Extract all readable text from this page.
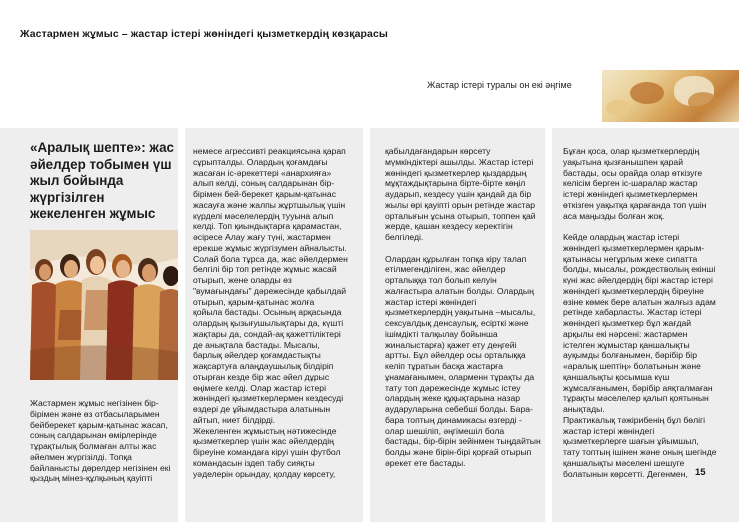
Жастармен жұмыс – жастар істері жөніндегі қызметкердің көзқарасы
Жастар істері туралы он екі әңгіме
«Аралық шепте»: жас әйелдер тобымен үш жыл бойында жүргізілген жекеленген жұмыс
Жастармен жұмыс негізінен бір-
бірімен және өз отбасыларымен
бейберекет қарым-қатынас жасап,
соның салдарынан өмірлерінде
тұрақтылық болмаған алты жас
әйелмен жүргізілді. Топқа
байланысты дөрелдер негізінен екі
қыздың мінез-құлқының қауіпті
немесе агрессивті реакциясына қарап
сұрыпталды. Олардың қоғамдағы
жасаған іс-әрекеттері «анархияға»
алып келді, соның салдарынан бір-
бірімен бей-берекет қарым-қатынас
жасауға және жалпы жұртшылық үшін
күрделі мәселелердің тууына алып
келді. Топ қиындықтарға қарамастан,
әсіресе Алау жағу түні, жастармен
ерекше жұмыс жүргізумен айналысты.
Солай бола тұрса да, жас әйелдермен
белгілі бір топ ретінде жұмыс жасай
отырып, жене оларды өз
"вумағындағы" дәрежесінде қабылдай
отырып, қарым-қатынас жолға
қойыла бастады. Осының арқасында
олардың қызығушылықтары да, күшті
жақтары да, сондай-ақ қажеттіліктері
де анықтала бастады. Мысалы,
барлық әйелдер қоғамдастықты
жақсартуға алаңдаушылық білдіріп
отырған кезде бір жас әйел дұрыс
өңімеге келді. Олар жастар істері
жөніндегі қызметкерлермен кездесуді
өздері де ұйымдастыра алатынын
айтып, ниет білдірді.
Жекеленген жұмыстың нәтижесінде
қызметкерлер үшін жас әйелдердің
біреуіне командаға кіруі үшін футбол
командасын іздеп табу сияқты
уәделерін орындау, қолдау көрсету,
қабылдағандарын көрсету
мүмкіндіктері ашылды. Жастар істері
жөніндегі қызметкерлер қыздардың
мұқтаждықтарына бірте-бірте көңіл
аударып, кездесу үшін қандай да бір
жылы өрі қауіпті орын ретінде жастар
орталығын ұсына отырып, топпен қай
жерде, қашан кездесу керектігін
белгіледі.

Олардан құрылған топқа кіру талап
етілмегенділіген, жас әйелдер
орталыққа тол болып келуін
жалғастыра алатын болды. Олардың
жастар істері жөніндегі
қызметкерлердің уақытына –мысалы,
сексуалдық денсаулық, есірткі және
ішімдікті талқылау бойынша
жиналыстарға) қажет ету деңгейі
артты. Бұл әйелдер осы орталыққа
келіп тұратын басқа жастарға
ұнамағанымен, оларменн тұрақты да
тату топ дәрежесінде жұмыс істеу
олардың жеке құқықтарына назар
аударуларына себебші болды. Бара-
бара топтың динамикасы өзгерді -
олар шешіліп, әңгімешіл бола
бастады, бір-бірін зейінмен тыңдайтын
болды және бірін-бірі қорғай отырып
әрекет ете бастады.
Бұған қоса, олар қызметкерлердің
уақытына қызғанышпен қарай
бастады, осы орайда олар өткізуге
келісім берген іс-шаралар жастар
істері жөніндегі қызметкерлермен
өткізген уақытқа қарағанда топ үшін
аса маңызды болған жоқ.

Кейде олардың жастар істері
жөніндегі қызметкерлермен қарым-
қатынасы негұрлым жеке сипатта
болды, мысалы, рождестволың екінші
күні жас әйелдердің бірі жастар істері
жөніндегі қызметкерлердің біреуіне
өзіне көмек бере алатын жалғыз адам
ретінде хабарласты. Жастар істері
жөніндегі қызметкер бұл жағдай
арқылы екі нәрсені: жастармен
істелген жұмыстар қаншалықты
ауқымды болғанымен, бәрібір бір
«аралық шептің» болатынын және
қаншалықты қосымша күш
жұмсалғанымен, бәрібір аяқталмаған
тұрақты мәселелер қалып қоятынын
анықтады.
Практикалық тәжірибенің бұл бөлігі
жастар істері жөніндегі
қызметкерлерге шағын ұйымшыл,
тату топтың ішінен және оның шегінде
қаншалықты мәселені шешуге
болатынын көрсетті. Дегенмен, 15
